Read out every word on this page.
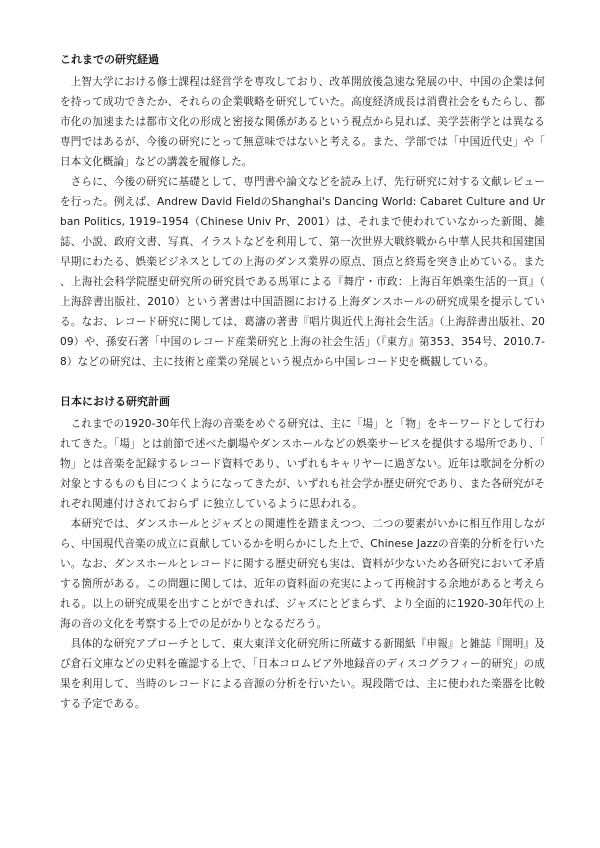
これまでの研究経過

上智大学における修士課程は経営学を専攻しており、改革開放後急速な発展の中、中国の企業は何を持って成功できたか、それらの企業戦略を研究していた。高度経済成長は消費社会をもたらし、都市化の加速または都市文化の形成と密接な関係があるという視点から見れば、美学芸術学とは異なる専門ではあるが、今後の研究にとって無意味ではないと考える。また、学部では「中国近代史」や「日本文化概論」などの講義を履修した。

さらに、今後の研究に基礎として、専門書や論文などを読み上げ、先行研究に対する文献レビューを行った。例えば、Andrew David FieldのShanghai's Dancing World: Cabaret Culture and Urban Politics, 1919–1954（Chinese Univ Pr、2001）は、それまで使われていなかった新聞、雑誌、小説、政府文書、写真、イラストなどを利用して、第一次世界大戦終戦から中華人民共和国建国早期にわたる、娯楽ビジネスとしての上海のダンス業界の原点、頂点と終焉を突き止めている。また、上海社会科学院歴史研究所の研究員である馬軍による『舞庁・市政：上海百年娯楽生活的一頁』（上海辞書出版社、2010）という著書は中国語圏における上海ダンスホールの研究成果を提示している。なお、レコード研究に関しては、葛濤の著書『唱片與近代上海社会生活』（上海辞書出版社、2009）や、孫安石著「中国のレコード産業研究と上海の社会生活」（『東方』第353、354号、2010.7-8）などの研究は、主に技術と産業の発展という視点から中国レコード史を概観している。

日本における研究計画

これまでの1920-30年代上海の音楽をめぐる研究は、主に「場」と「物」をキーワードとして行われてきた。「場」とは前節で述べた劇場やダンスホールなどの娯楽サービスを提供する場所であり、「物」とは音楽を記録するレコード資料であり、いずれもキャリヤーに過ぎない。近年は歌詞を分析の対象とするものも目につくようになってきたが、いずれも社会学か歴史研究であり、また各研究がそれぞれ関連付けされておらず に独立しているように思われる。

本研究では、ダンスホールとジャズとの関連性を踏まえつつ、二つの要素がいかに相互作用しながら、中国現代音楽の成立に貢献しているかを明らかにした上で、Chinese Jazzの音楽的分析を行いたい。なお、ダンスホールとレコードに関する歴史研究も実は、資料が少ないため各研究において矛盾する箇所がある。この問題に関しては、近年の資料面の充実によって再検討する余地があると考えられる。以上の研究成果を出すことができれば、ジャズにとどまらず、より全面的に1920-30年代の上海の音の文化を考察する上での足がかりとなるだろう。

具体的な研究アプローチとして、東大東洋文化研究所に所蔵する新聞紙『申報』と雑誌『開明』及び倉石文庫などの史料を確認する上で、「日本コロムビア外地録音のディスコグラフィー的研究」の成果を利用して、当時のレコードによる音源の分析を行いたい。現段階では、主に使われた楽器を比較する予定である。
